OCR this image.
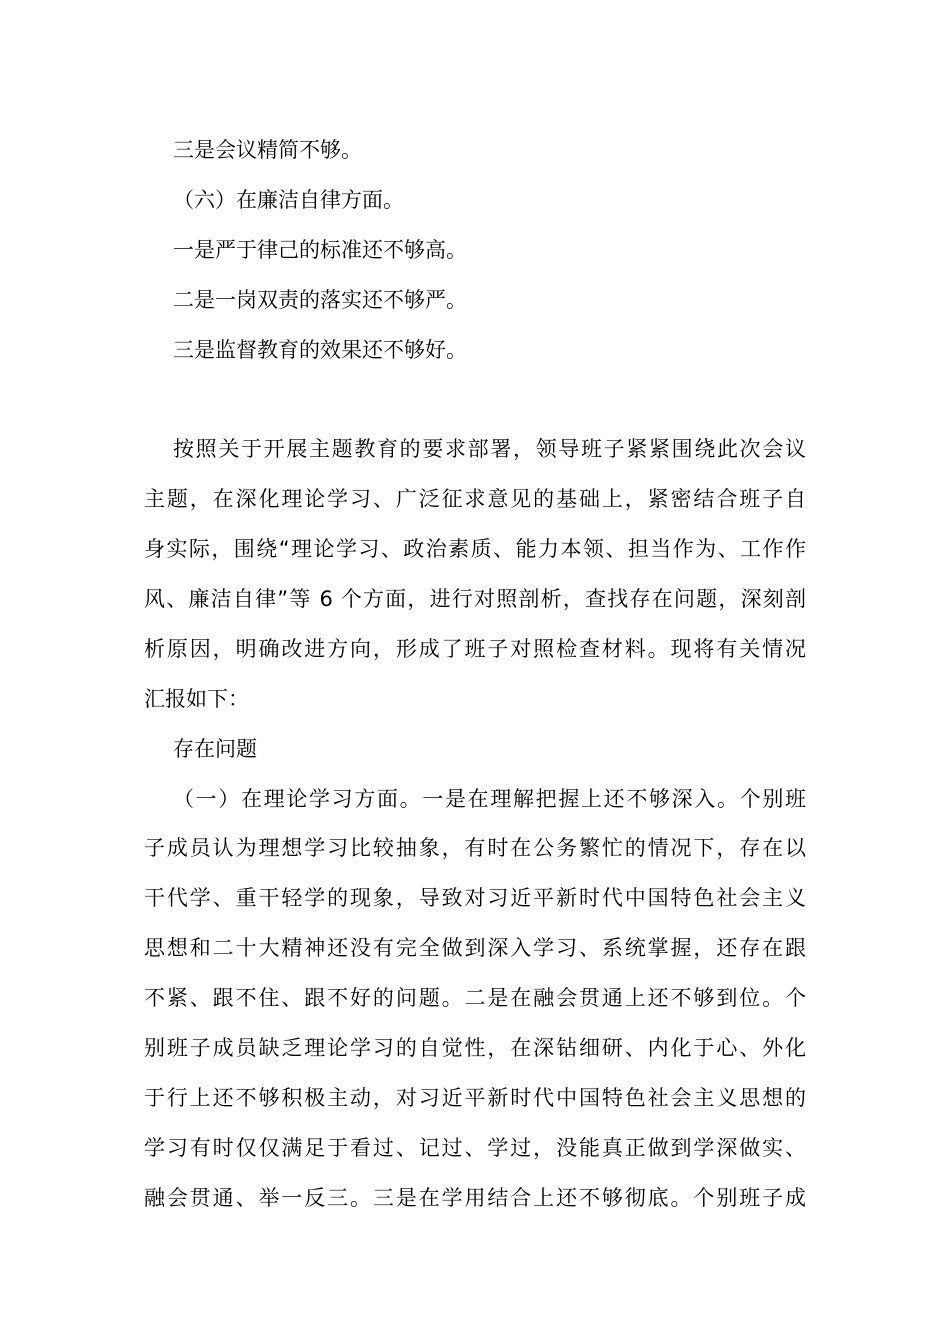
三是会议精简不够。

（六）在廉洁自律方面。

一是严于律己的标准还不够高。

二是一岗双责的落实还不够严。

三是监督教育的效果还不够好。

按照关于开展主题教育的要求部署，领导班子紧紧围绕此次会议

主题，在深化理论学习、广泛征求意见的基础上，紧密结合班子自

身实际，围绕“理论学习、政治素质、能力本领、担当作为、工作作

风、廉洁自律”等 6 个方面，进行对照剖析，查找存在问题，深刻剖

析原因，明确改进方向，形成了班子对照检查材料。现将有关情况

汇报如下：

存在问题

（一）在理论学习方面。一是在理解把握上还不够深入。个别班

子成员认为理想学习比较抽象，有时在公务繁忙的情况下，存在以

干代学、重干轻学的现象，导致对习近平新时代中国特色社会主义

思想和二十大精神还没有完全做到深入学习、系统掌握，还存在跟

不紧、跟不住、跟不好的问题。二是在融会贯通上还不够到位。个

别班子成员缺乏理论学习的自觉性，在深钻细研、内化于心、外化

于行上还不够积极主动，对习近平新时代中国特色社会主义思想的

学习有时仅仅满足于看过、记过、学过，没能真正做到学深做实、

融会贯通、举一反三。三是在学用结合上还不够彻底。个别班子成
